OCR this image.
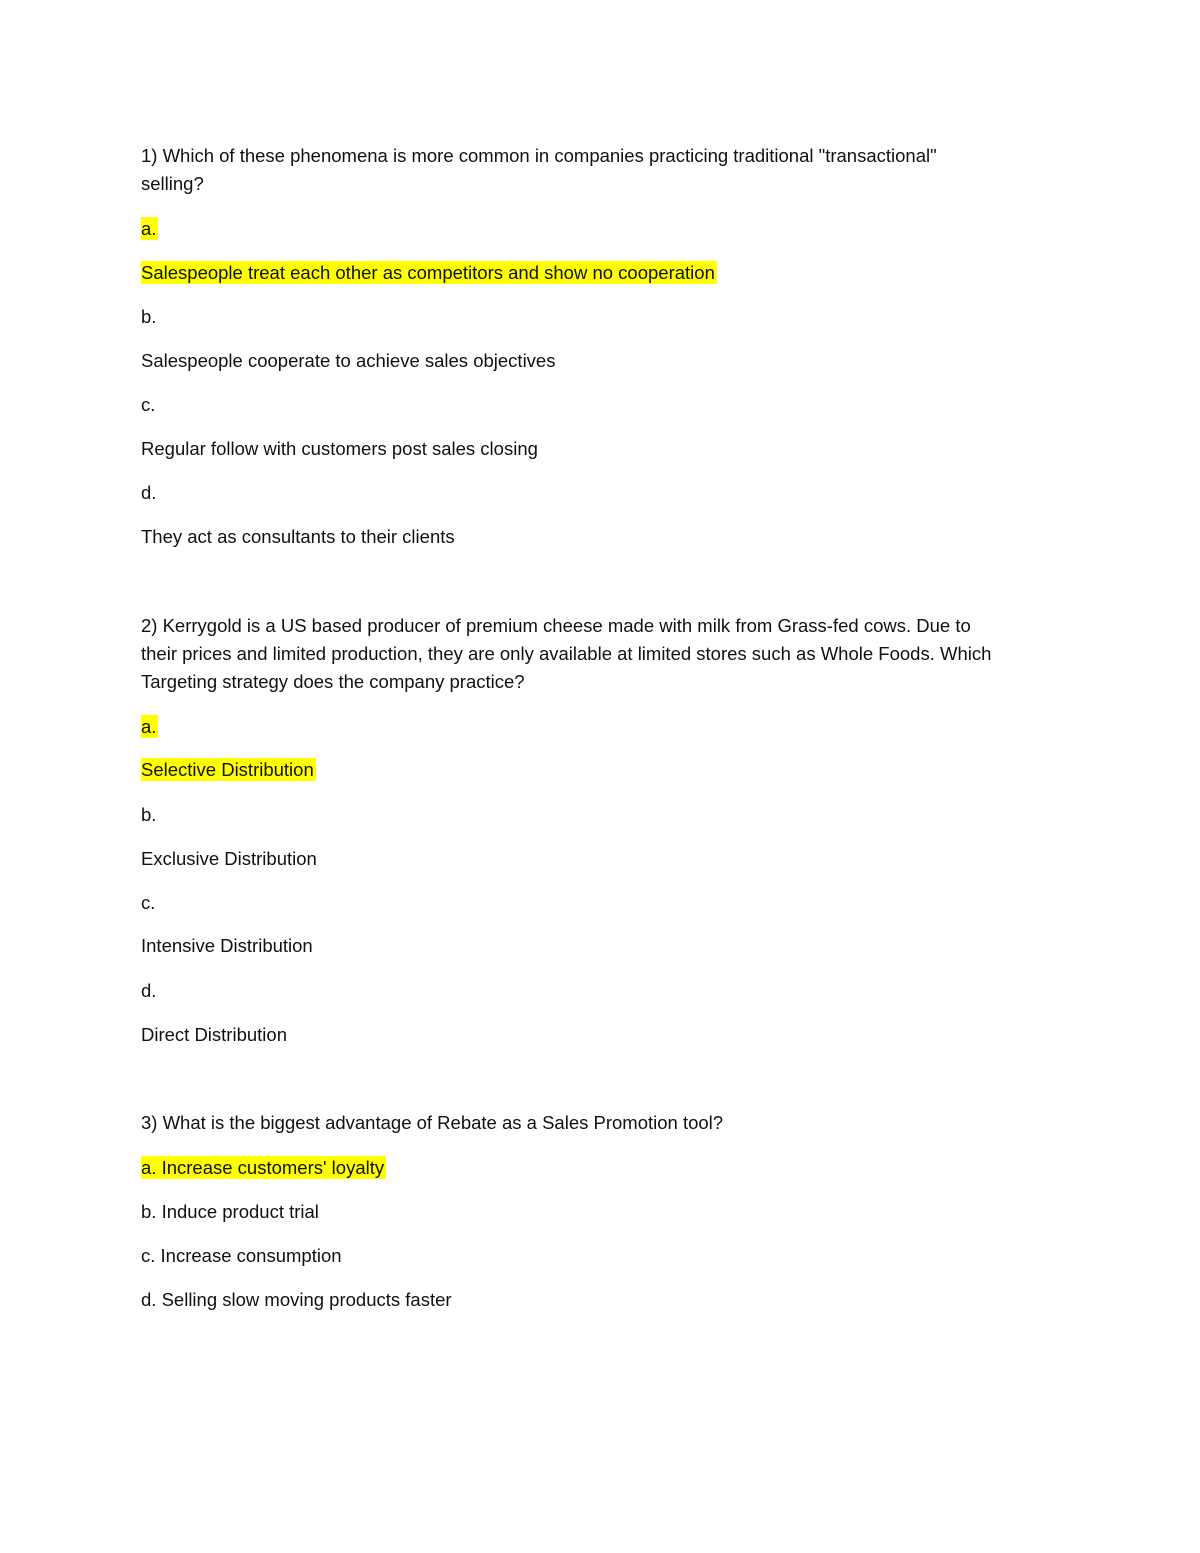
1) Which of these phenomena is more common in companies practicing traditional "transactional"
selling?
a.
Salespeople treat each other as competitors and show no cooperation
b.
Salespeople cooperate to achieve sales objectives
c.
Regular follow with customers post sales closing
d.
They act as consultants to their clients
2) Kerrygold is a US based producer of premium cheese made with milk from Grass-fed cows. Due to
their prices and limited production, they are only available at limited stores such as Whole Foods. Which
Targeting strategy does the company practice?
a.
Selective Distribution
b.
Exclusive Distribution
c.
Intensive Distribution
d.
Direct Distribution
3) What is the biggest advantage of Rebate as a Sales Promotion tool?
a. Increase customers' loyalty
b. Induce product trial
c. Increase consumption
d. Selling slow moving products faster
